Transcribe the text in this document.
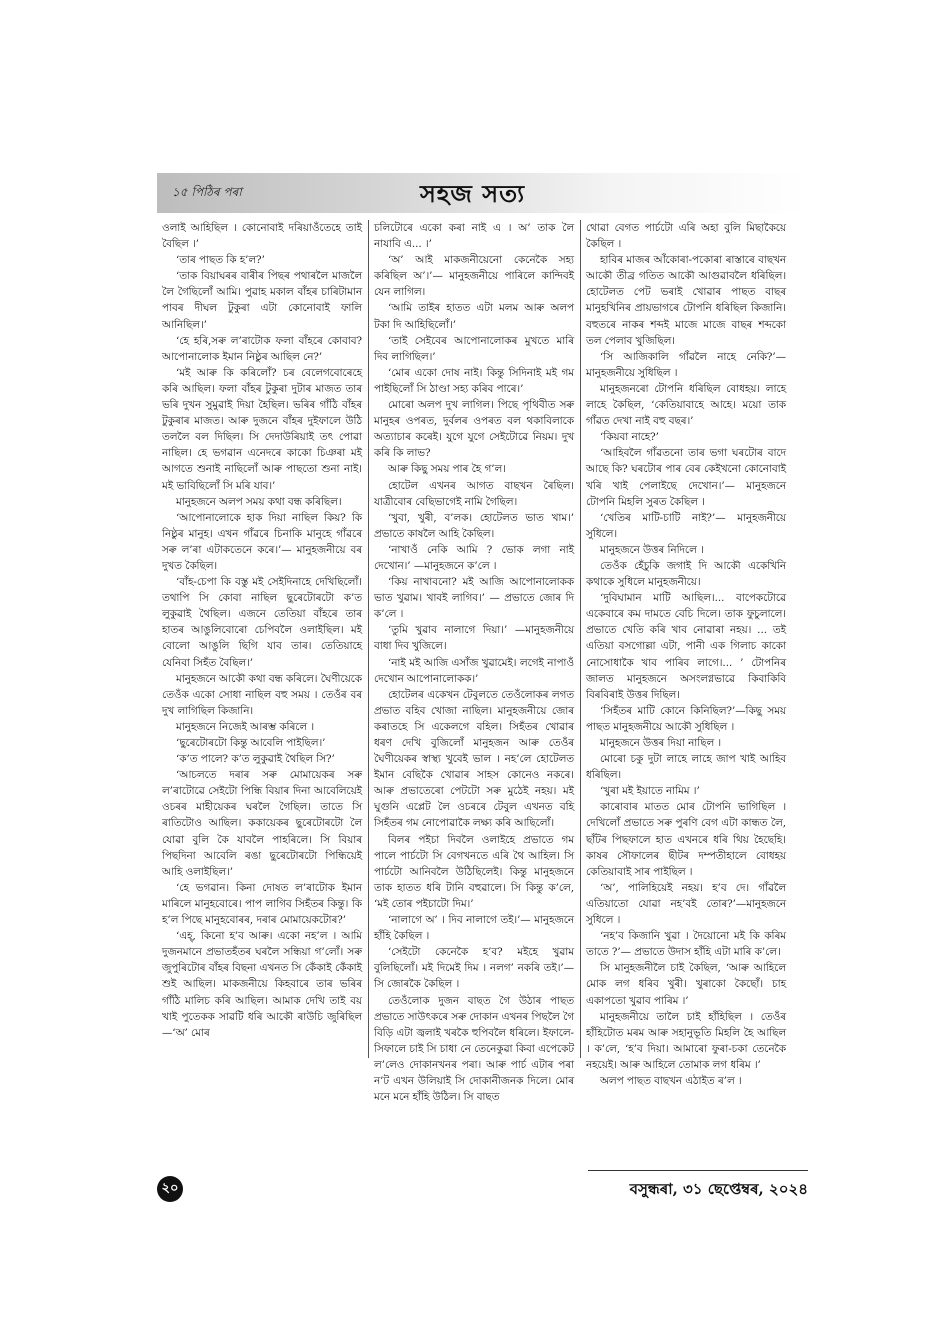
১৫ পিঠিৰ পৰা	সহজ সত্য

ওলাই আহিছিল । কোনোবাই দৰিয়াওঁতেহে তাই বৈছিল ।’

‘তাৰ পাছত কি হ’ল?’

‘তাক বিয়াঘৰৰ বাৰীৰ পিছৰ পথাৰলৈ মাজলৈ লৈ গৈছিলোঁ আমি। পুৱাহ মকাল বাঁহৰ চাৰিটামান পাবৰ দীঘল টুকুৰা এটা কোনোবাই ফালি আনিছিল।’

‘হে হৰি,সৰু ল’ৰাটোক ফলা বাঁহৰে কোবাব? আপোনালোক ইমান নিষ্ঠুৰ আছিল নে?’

‘মই আৰু কি কৰিলোঁ? চৰ বেলেগবোৰেহে কৰি আছিল। ফলা বাঁহৰ টুকুৰা দুটাৰ মাজত তাৰ ভৰি দুখন সুমুৱাই দিয়া হৈছিল। ভৰিৰ গাঁঠি বাঁহৰ টুকুৰাৰ মাজত। আৰু দুজনে বাঁহৰ দুইফালে উঠি তললৈ বল দিছিল। সি দেদাউৰিয়াই তৎ পোৱা নাছিল। হে ভগৱান এনেদৰে কাকো চিঞৰা মই আগতে শুনাই নাছিলোঁ আৰু পাছতো শুনা নাই। মই ভাবিছিলোঁ সি মৰি যাব।’

মানুহজনে অলপ সময় কথা বন্ধ কৰিছিল।

‘আপোনালোকে হাক দিয়া নাছিল কিয়? কি নিষ্ঠুৰ মানুহ। এখন গাঁৱৰে চিনাকি মানুহে গাঁৱৰে সৰু ল’ৰা এটাকতেনে কৰে।’— মানুহজনীয়ে বৰ দুখত কৈছিল।

‘বাঁহ-চেপা কি বস্তু মই সেইদিনাহে দেখিছিলোঁ। তথাপি সি কোবা নাছিল ছুৰেটোৰটো ক’ত লুকুৱাই থৈছিল। এজনে তেতিয়া বাঁহৰে তাৰ হাতৰ আঙুলিবোৰো চেপিবলৈ ওলাইছিল। মই বোলো আঙুলি ছিগি যাব তাৰ। তেতিয়াহে যেনিবা সিহঁত বৈছিল।’

মানুহজনে আকৌ কথা বন্ধ কৰিলে। ঘৈণীয়েকে তেওঁক একো সোধা নাছিল বহু সময় । তেওঁৰ বৰ দুখ লাগিছিল কিজানি।

মানুহজনে নিজেই আৰম্ভ কৰিলে ।

‘ছুৰেটোৰটো কিন্তু আবেলি পাইছিল।’

‘ক’ত পালে? ক’ত লুকুৱাই থৈছিল সি?’

‘আচলতে দৰাৰ সৰু মোমায়েকৰ সৰু ল’ৰাটোৱে সেইটো পিন্ধি বিয়াৰ দিনা আবেলিয়েই ওচৰৰ মাহীয়েকৰ ঘৰলৈ গৈছিল। তাতে সি ৰাতিটোও আছিল। ককায়েকৰ ছুৰেটোৰটো লৈ যোৱা বুলি কৈ যাবলৈ পাহৰিলে। সি বিয়াৰ পিছদিনা আবেলি ৰঙা ছুৰেটোৰটো পিন্ধিয়েই আহি ওলাইছিল।’

‘হে ভগৱান। কিনা দোষত ল’ৰাটোক ইমান মাৰিলে মানুহবোৰে। পাপ লাগিব সিহঁতৰ কিন্তু। কি হ’ল পিছে মানুহবোৰৰ, দৰাৰ মোমায়েকটোৰ?’

‘এহ্, কিনো হ’ব আৰু। একো নহ’ল । আমি দুজনমানে প্ৰভাতহঁতৰ ঘৰলৈ সন্ধিয়া গ’লোঁ। সৰু জুপুৰিটোৰ বাঁহৰ বিছনা এখনত সি কেঁকাই কেঁকাই শুই আছিল। মাকজনীয়ে কিহবাৰে তাৰ ভৰিৰ গাঁঠি মালিচ কৰি আছিল। আমাক দেখি তাই বয় খাই পুতেকক সাৱটি ধৰি আকৌ ৰাউচি জুৰিছিল —‘অ’ মোৰ

চলিটোৰে একো কৰা নাই এ । অ’ তাক লৈ নাযাবি এ... ।’

‘অ’ আই মাকজনীয়েনো কেনেকৈ সহ্য কৰিছিল অ’।’— মানুহজনীয়ে পাৰিলে কান্দিবই যেন লাগিল।

‘আমি তাইৰ হাতত এটা মলম আৰু অলপ টকা দি আহিছিলোঁ।’

‘তাই সেইবেৰ আপোনালোকৰ মুখতে মাৰি দিব লাগিছিল।’

‘মোৰ একো দোষ নাই। কিন্তু সিদিনাই মই গম পাইছিলোঁ সি ঠাণ্ডা সহ্য কৰিব পাৰে।’

মোৰো অলপ দুখ লাগিল। পিছে পৃথিবীত সৰু মানুহৰ ওপৰত, দুৰ্বলৰ ওপৰত বল থকাবিলাকে অত্যাচাৰ কৰেই। যুগে যুগে সেইটোৱে নিয়ম। দুখ কৰি কি লাভ?

আৰু কিছু সময় পাৰ হৈ গ’ল।

হোটেল এখনৰ আগত বাছখন ৰৈছিল। যাত্ৰীবোৰ বেছিভাগেই নামি গৈছিল।

‘খুবা, খুৰী, ব’লক। হোটেলত ভাত খাম।’ প্ৰভাতে কাষলৈ আহি কৈছিল।

‘নাখাওঁ নেকি আমি ? ভোক লগা নাই দেখোন।’ —মানুহজনে ক’লে ।

‘কিয় নাখাবনো? মই আজি আপোনালোকক ভাত খুৱাম। খাবই লাগিব।’ — প্ৰভাতে জোৰ দি ক’লে ।

‘তুমি খুৱাব নালাগে দিয়া।’ —মানুহজনীয়ে বাধা দিব খুজিলে।

‘নাই মই আজি এসাঁজ খুৱামেই। লগেই নাপাওঁ দেখোন আপোনালোকক।’

হোটেলৰ একেখন টেবুলতে তেওঁলোকৰ লগত প্ৰভাত বহিব খোজা নাছিল। মানুহজনীয়ে জোৰ কৰাতহে সি একেলগে বহিল। সিহঁতৰ খোৱাৰ ধৰণ দেখি বুজিলোঁ মানুহজন আৰু তেওঁৰ ঘৈণীয়েকৰ স্বাস্থ্য খুবেই ভাল । নহ’লে হোটেলত ইমান বেছিকৈ খোৱাৰ সাহস কোনেও নকৰে। আৰু প্ৰভাতেৰো পেটটো সৰু মুঠেই নহয়। মই ঘুগুনি এপ্লেট লৈ ওচৰৰে টেবুল এখনত বহি সিহঁতৰ গম নোপোৱাকৈ লক্ষ্য কৰি আছিলোঁ।

বিলৰ পইচা দিবলৈ ওলাইহে প্ৰভাতে গম পালে পাৰ্চটো সি বেগখনতে এৰি থৈ আহিল। সি পাৰ্চটো আনিবলৈ উঠিছিলেই। কিন্তু মানুহজনে তাক হাতত ধৰি টানি বহুৱালে। সি কিন্তু ক’লে, ‘মই তোৰ পইচাটো দিম।’

‘নালাগে অ’ । দিব নালাগে তই।’— মানুহজনে হাঁহি কৈছিল ।

‘সেইটো কেনেকৈ হ’ব? মইহে খুৱাম বুলিছিলোঁ। মই দিমেই দিম । নলগ’ নকৰি তই।’— সি জোৰকৈ কৈছিল ।

তেওঁলোক দুজন বাছত গৈ উঠাৰ পাছত প্ৰভাতে সাউৎকৰে সৰু দোকান এখনৰ পিছলৈ গৈ বিড়ি এটা জ্বলাই খৰকৈ হুপিবলৈ ধৰিলে। ইফালে-সিফালে চাই সি চাধা নে তেনেকুৱা কিবা এপেকেট ল’লেও দোকানখনৰ পৰা। আৰু পাৰ্চ এটাৰ পৰা ন’ট এখন উলিয়াই সি দোকানীজনক দিলে। মোৰ মনে মনে হাঁহি উঠিল। সি বাছত

থোৱা বেগত পাৰ্চটো এৰি অহা বুলি মিছাকৈয়ে কৈছিল ।

হাবিৰ মাজৰ আঁকোৰা-পকোৰা ৰাস্তাৰে বাছখন আকৌ তীব্ৰ গতিত আকৌ আগুৱাবলৈ ধৰিছিল। হোটেলত পেট ভৰাই খোৱাৰ পাছত বাছৰ মানুহখিনিৰ প্ৰায়ভাগৰে টোপনি ধৰিছিল কিজানি। বহুতৰে নাকৰ শব্দই মাজে মাজে বাছৰ শব্দকো তল পেলাব খুজিছিল।

‘সি আজিকালি গাঁৱলৈ নাহে নেকি?’— মানুহজনীয়ে সুধিছিল ।

মানুহজনৰো টোপনি ধৰিছিল বোধহয়। লাহে লাহে কৈছিল, ‘কেতিয়াবাহে আহে। ময়ো তাক গাঁৱত দেখা নাই বহু বছৰ।’

‘কিয়বা নাহে?’

‘আহিবলৈ গাঁৱতনো তাৰ ভগা ঘৰটোৰ বাদে আছে কি? ঘৰটোৰ পাৰ বেৰ কেইখনো কোনোবাই খৰি খাই পেলাইছে দেখোন।’— মানুহজনে টোপনি মিহলি সুৰত কৈছিল ।

‘খেতিৰ মাটি-চাটি নাই?’— মানুহজনীয়ে সুধিলে।

মানুহজনে উত্তৰ নিদিলে ।

তেওঁক হেঁচুকি জগাই দি আকৌ একেখিনি কথাকে সুধিলে মানুহজনীয়ে।

‘দুবিঘামান মাটি আছিল।... বাপেকটোৱে একেবাৰে কম দামতে বেচি দিলে। তাক ফুচুলালে। প্ৰভাতে খেতি কৰি খাব নোৱাৰা নহয়। ... তই এতিয়া বসগোল্লা এটা, পানী এক গিলাচ কাকো নোসোধাকৈ খাব পাৰিব লাগে।... ’ টোপনিৰ জালত মানুহজনে অসংলগ্নভাৱে কিবাকিবি বিৰবিৰাই উত্তৰ দিছিল।

‘সিহঁতৰ মাটি কোনে কিনিছিল?’—কিছু সময় পাছত মানুহজনীয়ে আকৌ সুধিছিল ।

মানুহজনে উত্তৰ দিয়া নাছিল ।

মোৰো চকু দুটা লাহে লাহে জাপ খাই আহিব ধৰিছিল।

‘খুৰা মই ইয়াতে নামিম ।’

কাৰোবাৰ মাতত মোৰ টোপনি ভাগিছিল । দেখিলোঁ প্ৰভাতে সৰু পুৰণি বেগ এটা কান্ধত লৈ, ছাঁটৰ পিছফালে হাত এখনৰে ধৰি থিয় হৈছেহি। কাষৰ সৌফালেৰ ছীটৰ দম্পতীহালে বোধহয় কেতিয়াবাই সাৰ পাইছিল ।

‘অ’, পালিহিয়েই নহয়। হ’ব দে। গাঁৱলৈ এতিয়াতো যোৱা নহ’বই তোৰ?’—মানুহজনে সুধিলে ।

‘নহ’ব কিজানি খুৱা । দৈয়োনো মই কি কৰিম তাতে ?’— প্ৰভাতে উদাস হাঁহি এটা মাৰি ক’লে।

সি মানুহজনীলৈ চাই কৈছিল, ‘আৰু আহিলে মোক লগ ধৰিব খুৰী। খুৰাকো কৈছোঁ। চাহ একাপতো খুৱাব পাৰিম ।’

মানুহজনীয়ে তালৈ চাই হাঁহিছিল । তেওঁৰ হাঁহিটোত মৰম আৰু সহানুভূতি মিহলি হৈ আছিল । ক’লে, ‘হ’ব দিয়া। আমাৰো ফুৰা-চকা তেনেকৈ নহয়েই। আৰু আহিলে তোমাক লগ ধৰিম ।’

অলপ পাছত বাছখন এঠাইত ৰ’ল ।

২০	বসুন্ধৰা, ৩১ ছেপ্তেম্বৰ, ২০২৪
